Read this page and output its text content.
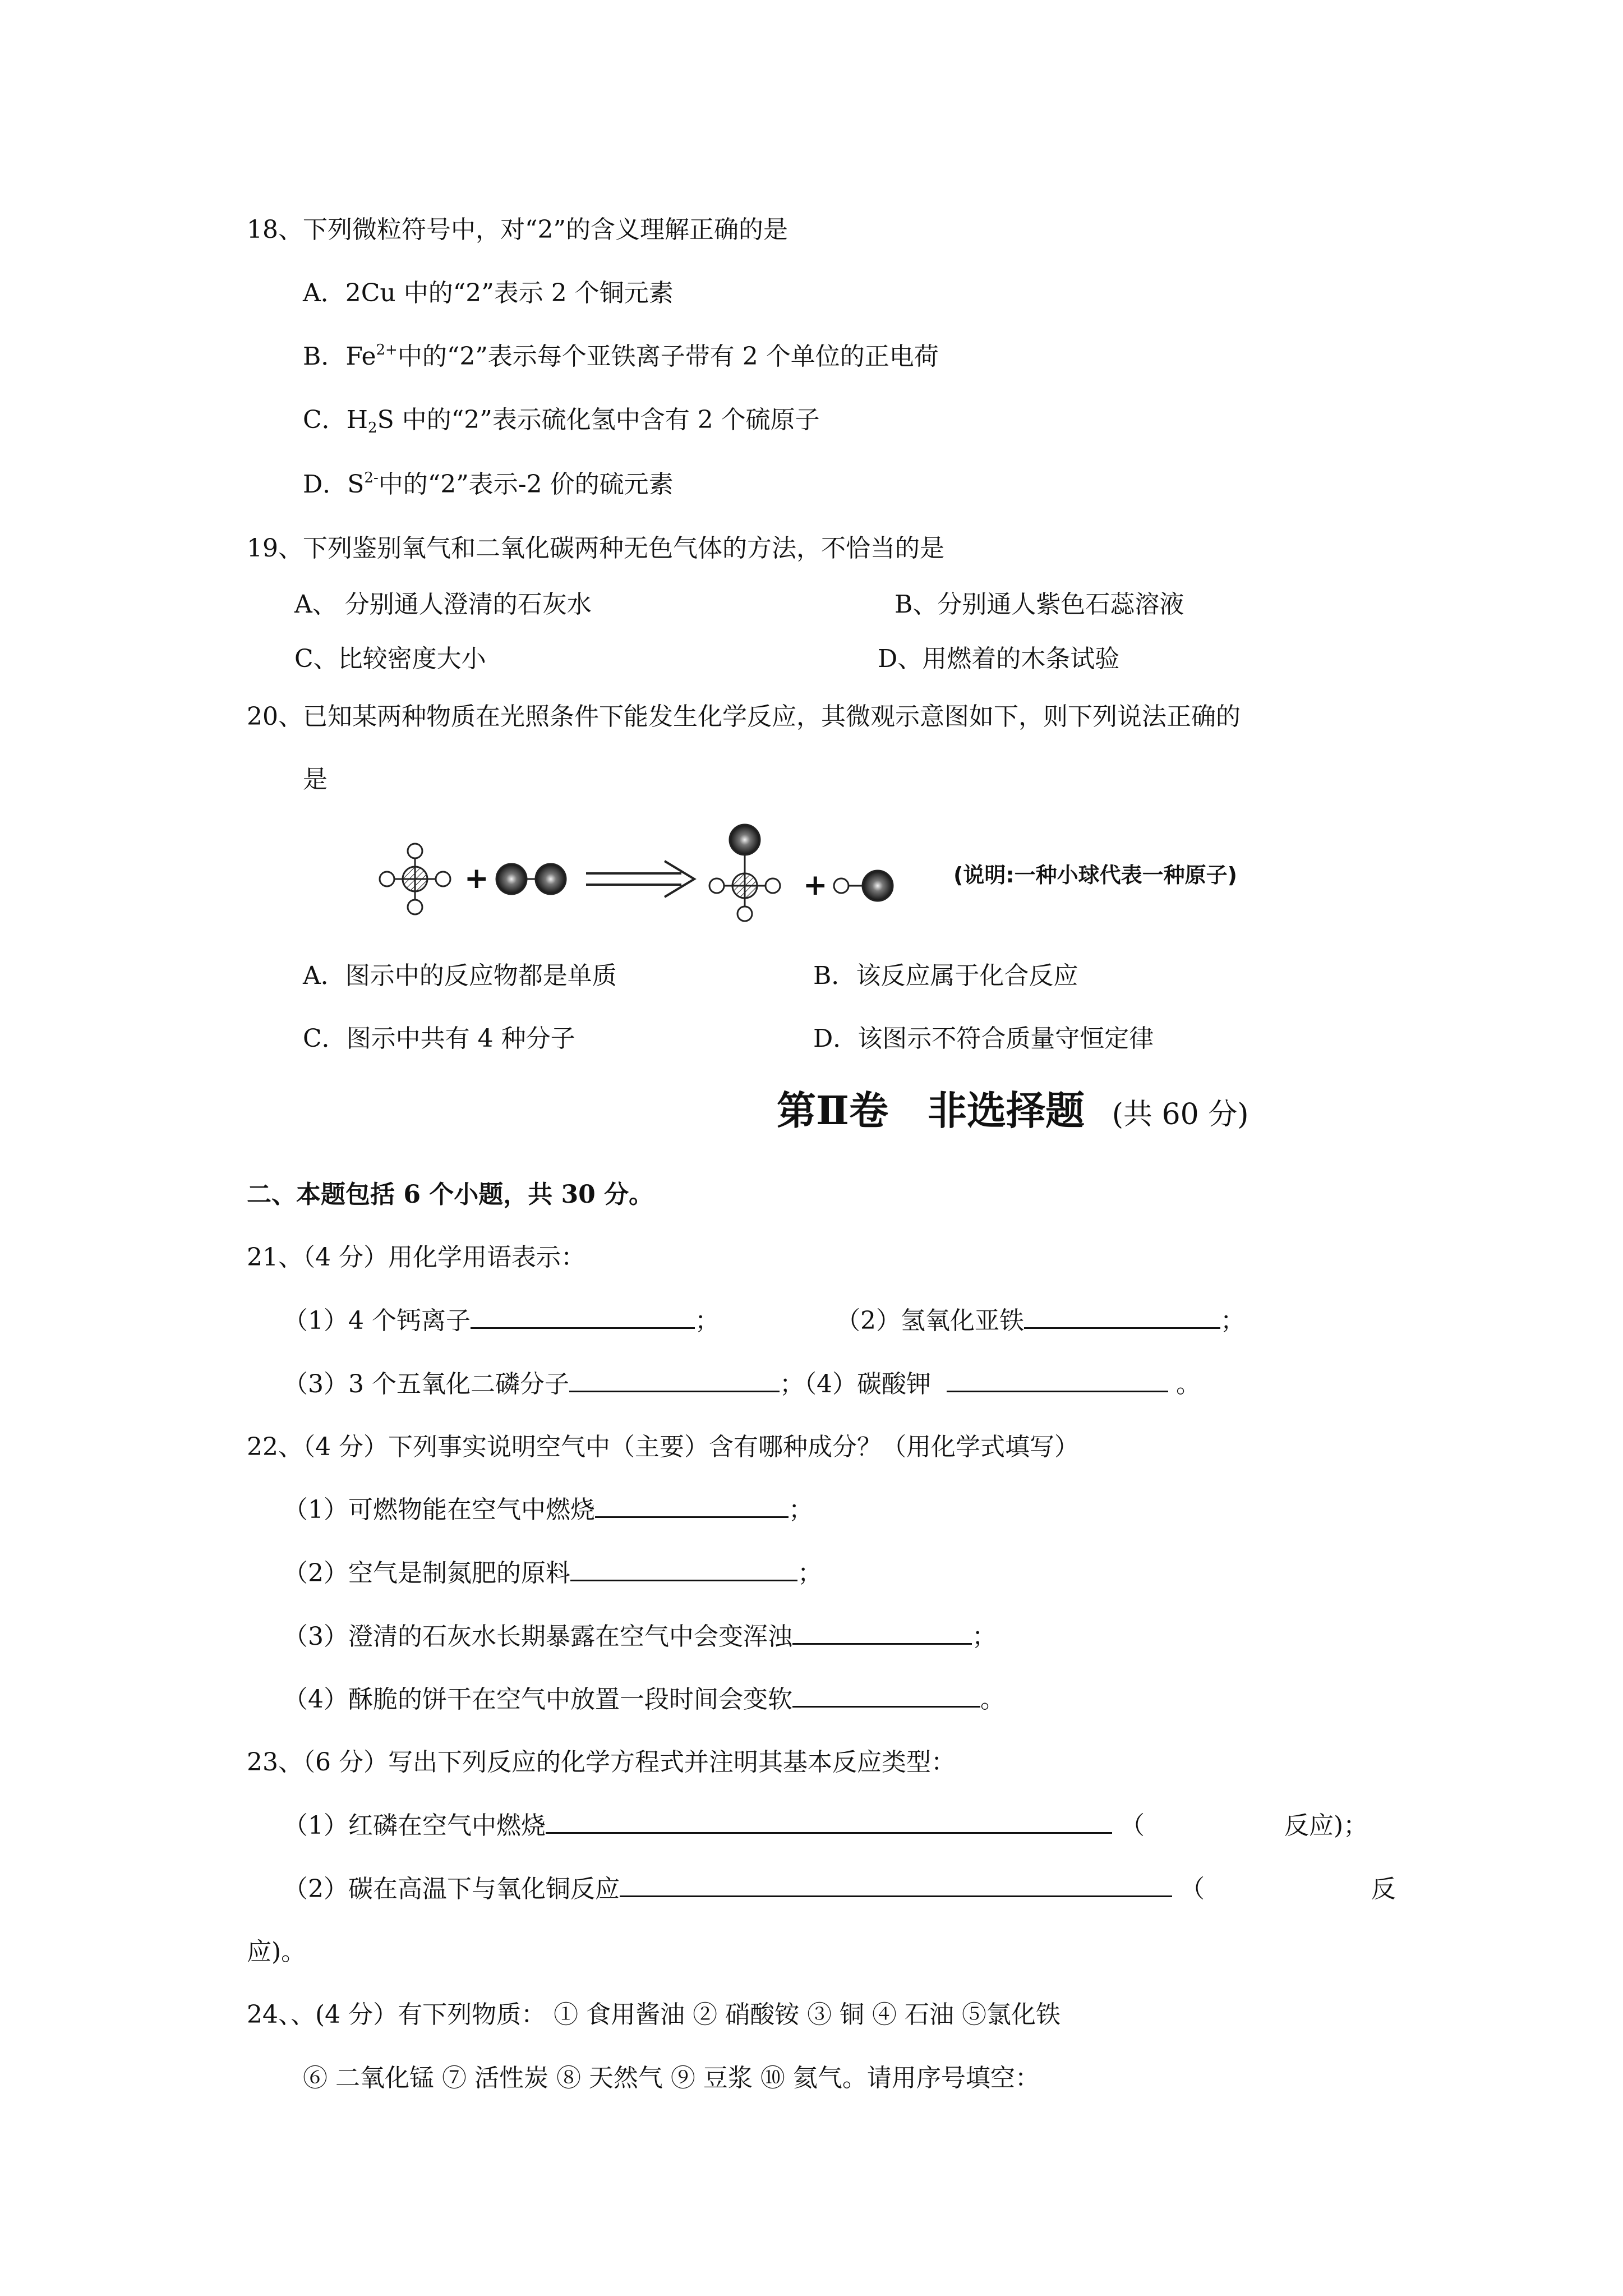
18、下列微粒符号中，对“2”的含义理解正确的是
A．2Cu 中的“2”表示 2 个铜元素
B．$Fe^{2+}$中的“2”表示每个亚铁离子带有 2 个单位的正电荷
C．$H_2S$ 中的“2”表示硫化氢中含有 2 个硫原子
D．$S^{2-}$中的“2”表示-2 价的硫元素
19、下列鉴别氧气和二氧化碳两种无色气体的方法，不恰当的是
A、 分别通人澄清的石灰水	B、分别通人紫色石蕊溶液
C、比较密度大小	D、用燃着的木条试验
20、已知某两种物质在光照条件下能发生化学反应，其微观示意图如下，则下列说法正确的
是
+	+	(说明:一种小球代表一种原子)
A．图示中的反应物都是单质	B．该反应属于化合反应
C．图示中共有 4 种分子	D．该图示不符合质量守恒定律
第Ⅱ卷　非选择题 (共 60 分)
二、本题包括 6 个小题，共 30 分。
21、（4 分）用化学用语表示：
（1）4 个钙离子	；	（2）氢氧化亚铁	；
（3）3 个五氧化二磷分子	；（4）碳酸钾	。
22、（4 分）下列事实说明空气中（主要）含有哪种成分？（用化学式填写）
（1）可燃物能在空气中燃烧	；
（2）空气是制氮肥的原料	；
（3）澄清的石灰水长期暴露在空气中会变浑浊	；
（4）酥脆的饼干在空气中放置一段时间会变软	。
23、（6 分）写出下列反应的化学方程式并注明其基本反应类型：
（1）红磷在空气中燃烧	（	反应)；
（2）碳在高温下与氧化铜反应	（	反
应)。
24、、(4 分）有下列物质： ① 食用酱油 ② 硝酸铵 ③ 铜 ④ 石油 ⑤氯化铁
⑥ 二氧化锰 ⑦ 活性炭 ⑧ 天然气 ⑨ 豆浆 ⑩ 氦气。请用序号填空：
